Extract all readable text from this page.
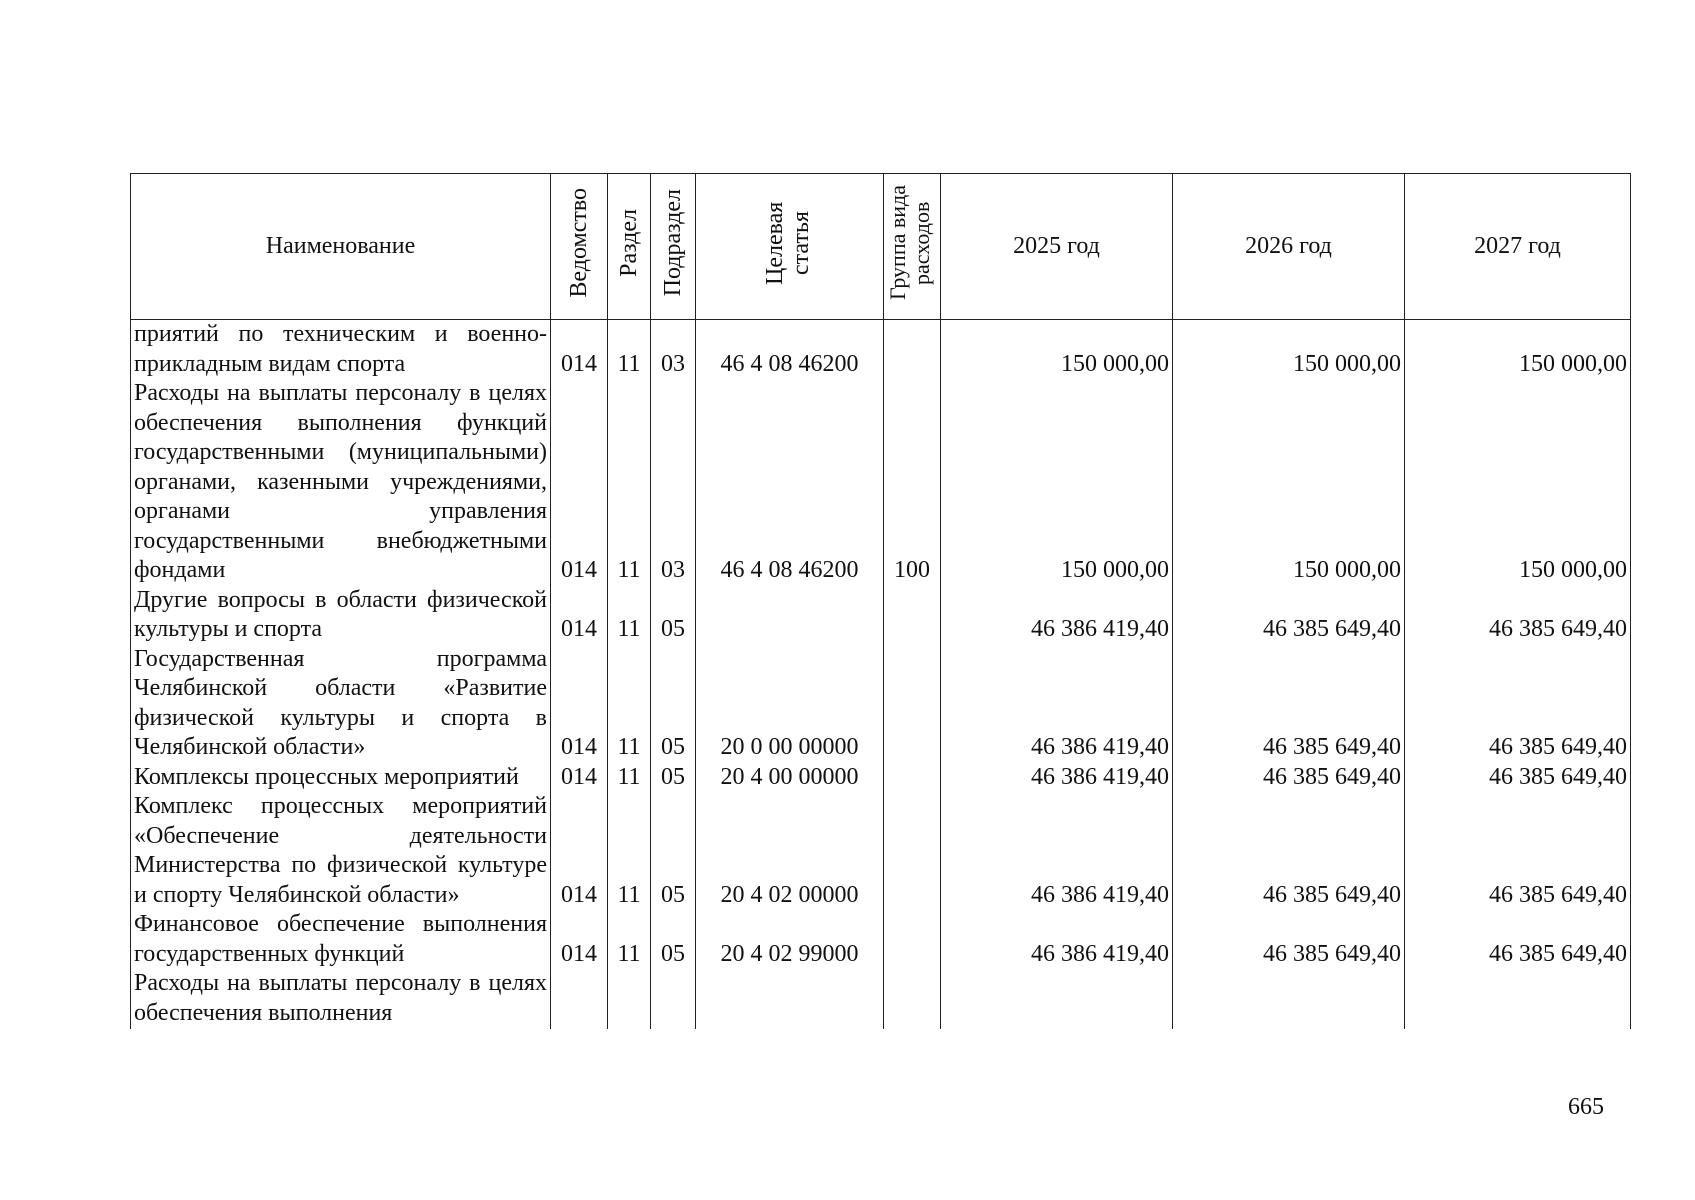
Наименование	Ведомство	Раздел	Подраздел	Целевая статья	Группа вида расходов	2025 год	2026 год	2027 год
приятий по техническим и военно-прикладным видам спорта	014	11	03	46 4 08 46200		150 000,00	150 000,00	150 000,00
Расходы на выплаты персоналу в целях обеспечения выполнения функций государственными (муниципальными) органами, казенными учреждениями, органами управления государственными внебюджетными фондами	014	11	03	46 4 08 46200	100	150 000,00	150 000,00	150 000,00
Другие вопросы в области физической культуры и спорта	014	11	05			46 386 419,40	46 385 649,40	46 385 649,40
Государственная программа Челябинской области «Развитие физической культуры и спорта в Челябинской области»	014	11	05	20 0 00 00000		46 386 419,40	46 385 649,40	46 385 649,40
Комплексы процессных мероприятий	014	11	05	20 4 00 00000		46 386 419,40	46 385 649,40	46 385 649,40
Комплекс процессных мероприятий «Обеспечение деятельности Министерства по физической культуре и спорту Челябинской области»	014	11	05	20 4 02 00000		46 386 419,40	46 385 649,40	46 385 649,40
Финансовое обеспечение выполнения государственных функций	014	11	05	20 4 02 99000		46 386 419,40	46 385 649,40	46 385 649,40
Расходы на выплаты персоналу в целях обеспечения выполнения								
665
